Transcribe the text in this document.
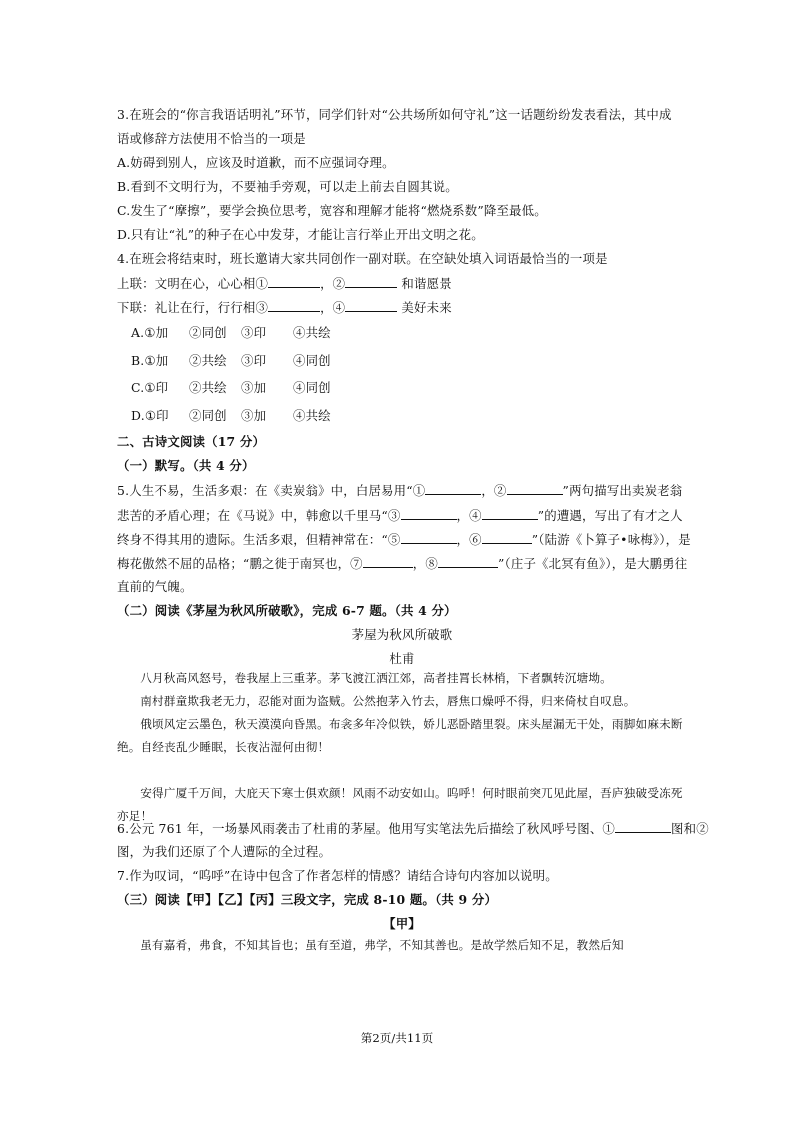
3.在班会的“你言我语话明礼”环节，同学们针对“公共场所如何守礼”这一话题纷纷发表看法，其中成
语或修辞方法使用不恰当的一项是
A.妨碍到别人，应该及时道歉，而不应强词夺理。
B.看到不文明行为，不要袖手旁观，可以走上前去自圆其说。
C.发生了“摩擦”，要学会换位思考，宽容和理解才能将“燃烧系数”降至最低。
D.只有让“礼”的种子在心中发芽，才能让言行举止开出文明之花。
4.在班会将结束时，班长邀请大家共同创作一副对联。在空缺处填入词语最恰当的一项是
上联：文明在心，心心相①	，②	和谐愿景
下联：礼让在行，行行相③	，④	美好未来
A.①加 ②同创 ③印 ④共绘
B.①加 ②共绘 ③印 ④同创
C.①印 ②共绘 ③加 ④同创
D.①印 ②同创 ③加 ④共绘
二、古诗文阅读（17 分）
（一）默写。（共 4 分）
5.人生不易，生活多艰：在《卖炭翁》中，白居易用“①	，②	”两句描写出卖炭老翁
悲苦的矛盾心理；在《马说》中，韩愈以千里马“③	，④	”的遭遇，写出了有才之人
终身不得其用的遗际。生活多艰，但精神常在：“⑤	，⑥	”（陆游《卜算子•咏梅》），是
梅花傲然不屈的品格；“鹏之徙于南冥也，⑦	，⑧	”（庄子《北冥有鱼》），是大鹏勇往
直前的气魄。
（二）阅读《茅屋为秋风所破歌》，完成 6-7 题。（共 4 分）
茅屋为秋风所破歌
杜甫
八月秋高风怒号，卷我屋上三重茅。茅飞渡江洒江郊，高者挂罥长林梢，下者飘转沉塘坳。
南村群童欺我老无力，忍能对面为盗贼。公然抱茅入竹去，唇焦口燥呼不得，归来倚杖自叹息。
俄顷风定云墨色，秋天漠漠向昏黑。布衾多年冷似铁，娇儿恶卧踏里裂。床头屋漏无干处，雨脚如麻未断绝。自经丧乱少睡眠，长夜沾湿何由彻！
安得广厦千万间，大庇天下寒士俱欢颜！风雨不动安如山。呜呼！何时眼前突兀见此屋，吾庐独破受冻死亦足！
6.公元 761 年，一场暴风雨袭击了杜甫的茅屋。他用写实笔法先后描绘了秋风呼号图、①	图和②
图，为我们还原了个人遭际的全过程。
7.作为叹词，“呜呼”在诗中包含了作者怎样的情感？请结合诗句内容加以说明。
（三）阅读【甲】【乙】【丙】三段文字，完成 8-10 题。（共 9 分）
【甲】
虽有嘉肴，弗食，不知其旨也；虽有至道，弗学，不知其善也。是故学然后知不足，教然后知
第2页/共11页
